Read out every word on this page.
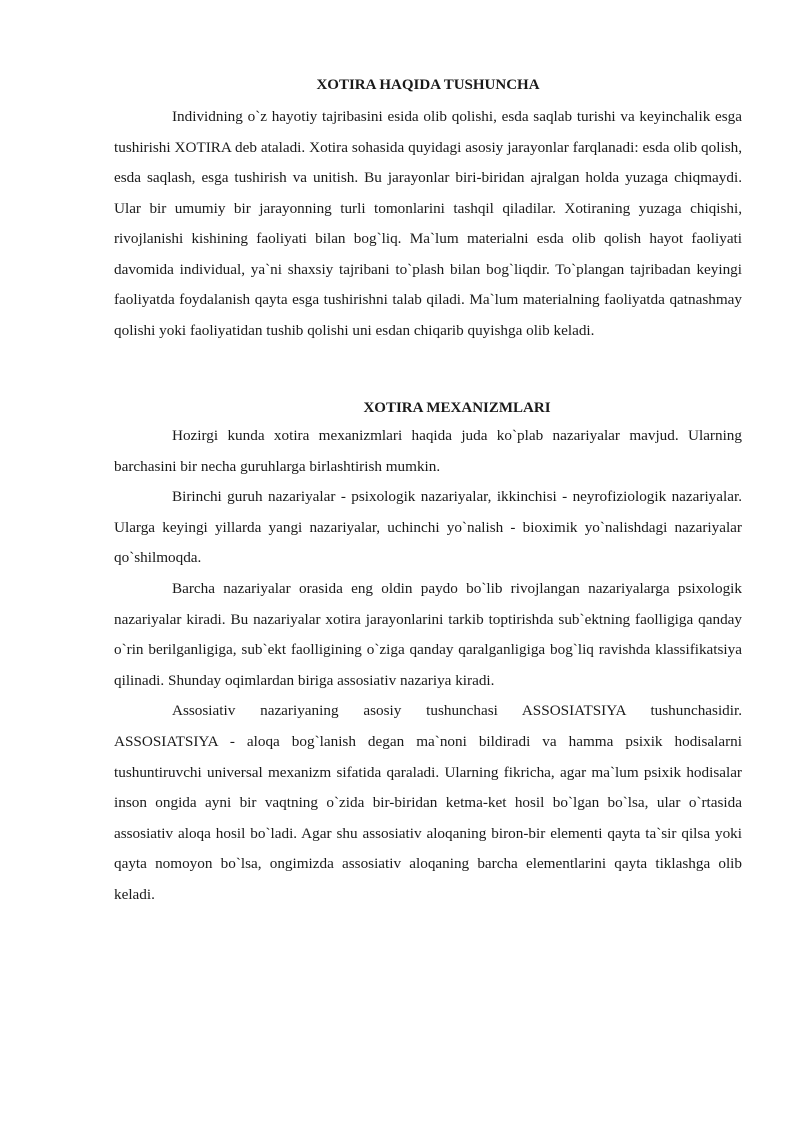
XOTIRA HAQIDA TUSHUNCHA

Individning o`z hayotiy tajribasini esida olib qolishi, esda saqlab turishi va keyinchalik esga tushirishi XOTIRA deb ataladi. Xotira sohasida quyidagi asosiy jarayonlar farqlanadi: esda olib qolish, esda saqlash, esga tushirish va unitish. Bu jarayonlar biri-biridan ajralgan holda yuzaga chiqmaydi. Ular bir umumiy bir jarayonning turli tomonlarini tashqil qiladilar. Xotiraning yuzaga chiqishi, rivojlanishi kishining faoliyati bilan bog`liq. Ma`lum materialni esda olib qolish hayot faoliyati davomida individual, ya`ni shaxsiy tajribani to`plash bilan bog`liqdir. To`plangan tajribadan keyingi faoliyatda foydalanish qayta esga tushirishni talab qiladi. Ma`lum materialning faoliyatda qatnashmay qolishi yoki faoliyatidan tushib qolishi uni esdan chiqarib quyishga olib keladi.

XOTIRA MEXANIZMLARI

Hozirgi kunda xotira mexanizmlari haqida juda ko`plab nazariyalar mavjud. Ularning barchasini bir necha guruhlarga birlashtirish mumkin.

Birinchi guruh nazariyalar - psixologik nazariyalar, ikkinchisi - neyrofiziologik nazariyalar. Ularga keyingi yillarda yangi nazariyalar, uchinchi yo`nalish - bioximik yo`nalishdagi nazariyalar qo`shilmoqda.

Barcha nazariyalar orasida eng oldin paydo bo`lib rivojlangan nazariyalarga psixologik nazariyalar kiradi. Bu nazariyalar xotira jarayonlarini tarkib toptirishda sub`ektning faolligiga qanday o`rin berilganligiga, sub`ekt faolligining o`ziga qanday qaralganligiga bog`liq ravishda klassifikatsiya qilinadi. Shunday oqimlardan biriga assosiativ nazariya kiradi.

Assosiativ nazariyaning asosiy tushunchasi ASSOSIATSIYA tushunchasidir. ASSOSIATSIYA - aloqa bog`lanish degan ma`noni bildiradi va hamma psixik hodisalarni tushuntiruvchi universal mexanizm sifatida qaraladi. Ularning fikricha, agar ma`lum psixik hodisalar inson ongida ayni bir vaqtning o`zida bir-biridan ketma-ket hosil bo`lgan bo`lsa, ular o`rtasida assosiativ aloqa hosil bo`ladi. Agar shu assosiativ aloqaning biron-bir elementi qayta ta`sir qilsa yoki qayta nomoyon bo`lsa, ongimizda assosiativ aloqaning barcha elementlarini qayta tiklashga olib keladi.
